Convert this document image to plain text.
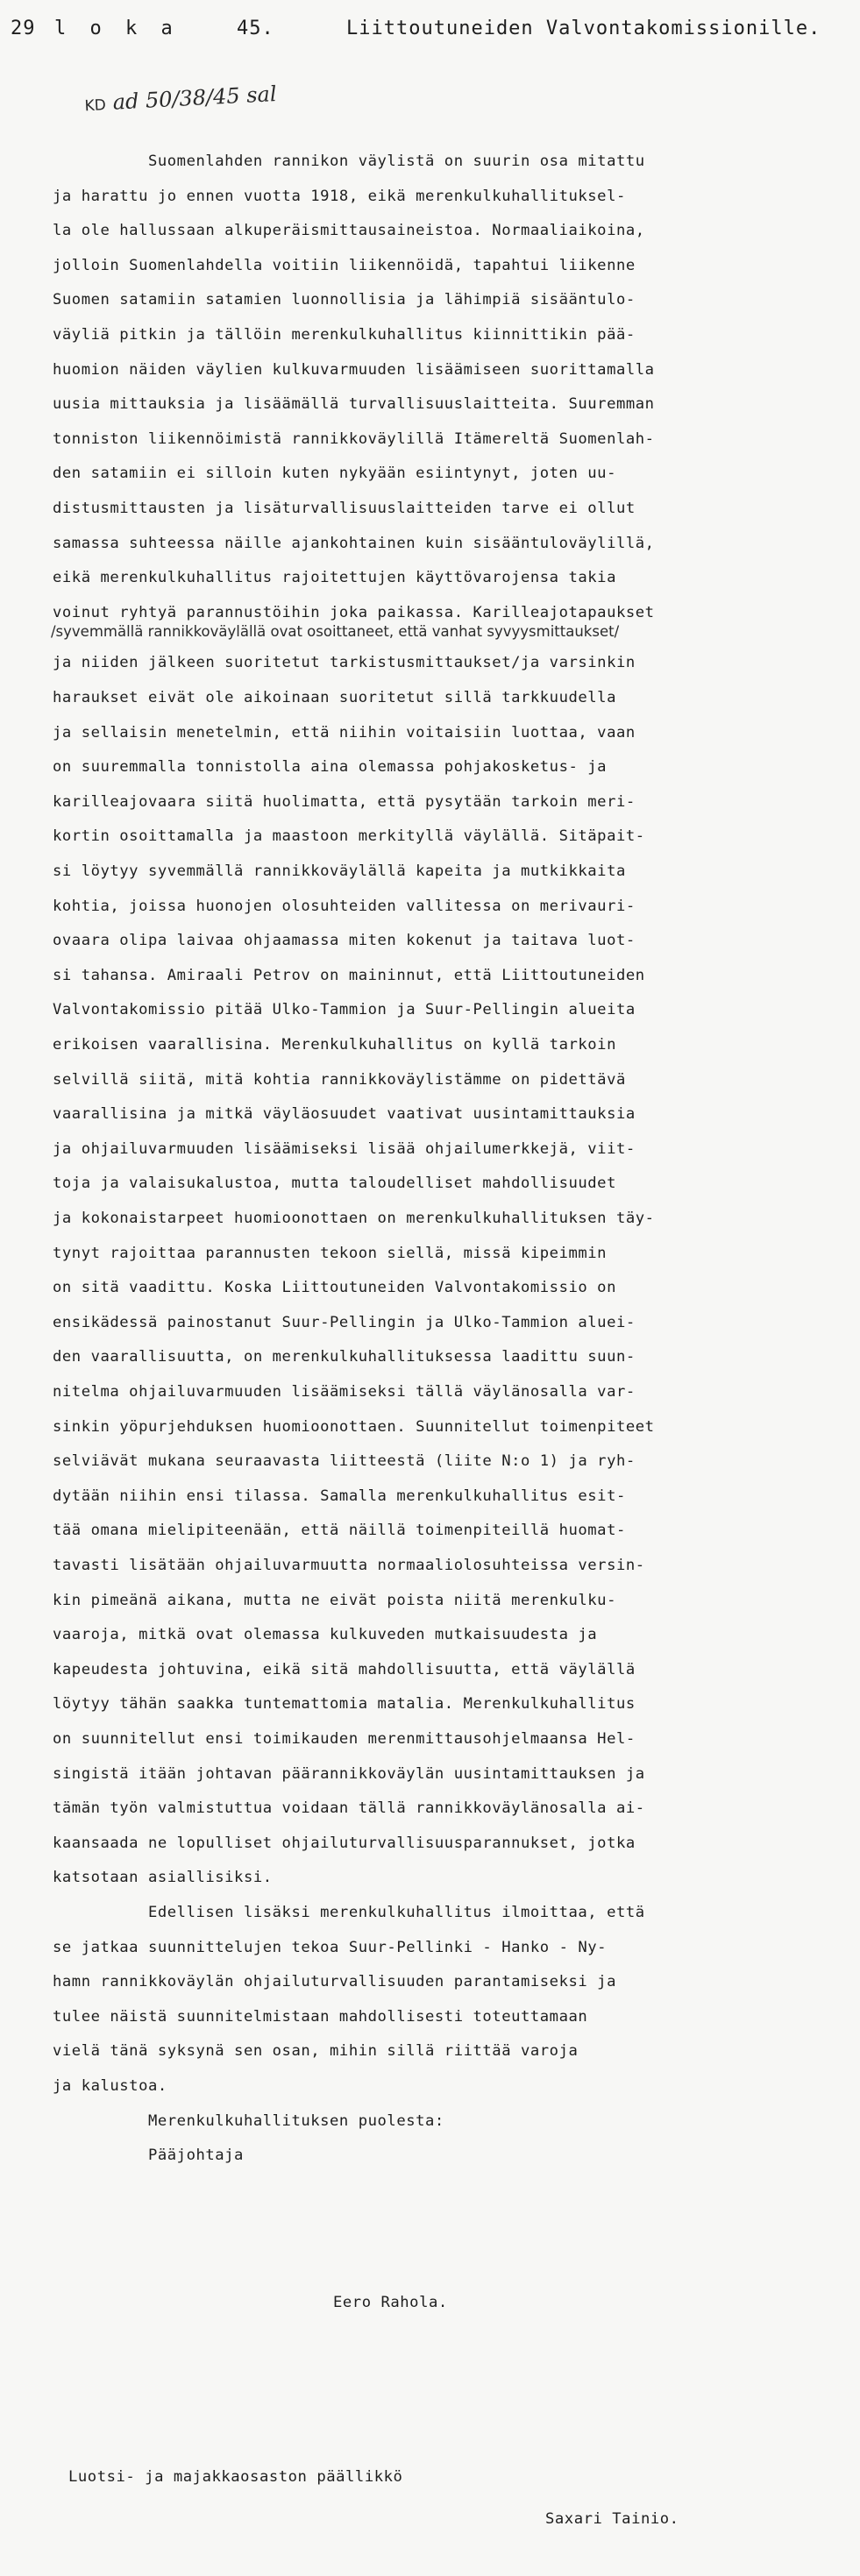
29 l o k a	45.	Liittoutuneiden Valvontakomissionille.

KD ad 50/38/45 sal

Suomenlahden rannikon väylistä on suurin osa mitattu
ja harattu jo ennen vuotta 1918, eikä merenkulkuhallituksel-
la ole hallussaan alkuperäismittausaineistoa. Normaaliaikoina,
jolloin Suomenlahdella voitiin liikennöidä, tapahtui liikenne
Suomen satamiin satamien luonnollisia ja lähimpiä sisääntulo-
väyliä pitkin ja tällöin merenkulkuhallitus kiinnittikin pää-
huomion näiden väylien kulkuvarmuuden lisäämiseen suorittamalla
uusia mittauksia ja lisäämällä turvallisuuslaitteita. Suuremman
tonniston liikennöimistä rannikkoväylillä Itämereltä Suomenlah-
den satamiin ei silloin kuten nykyään esiintynyt, joten uu-
distusmittausten ja lisäturvallisuuslaitteiden tarve ei ollut
samassa suhteessa näille ajankohtainen kuin sisääntuloväylillä,
eikä merenkulkuhallitus rajoitettujen käyttövarojensa takia
voinut ryhtyä parannustöihin joka paikassa. Karilleajotapaukset
/syvemmällä rannikkoväylällä ovat osoittaneet, että vanhat syvyysmittaukset/
ja niiden jälkeen suoritetut tarkistusmittaukset/ja varsinkin
haraukset eivät ole aikoinaan suoritetut sillä tarkkuudella
ja sellaisin menetelmin, että niihin voitaisiin luottaa, vaan
on suuremmalla tonnistolla aina olemassa pohjakosketus- ja
karilleajovaara siitä huolimatta, että pysytään tarkoin meri-
kortin osoittamalla ja maastoon merkityllä väylällä. Sitäpait-
si löytyy syvemmällä rannikkoväylällä kapeita ja mutkikkaita
kohtia, joissa huonojen olosuhteiden vallitessa on merivauri-
ovaara olipa laivaa ohjaamassa miten kokenut ja taitava luot-
si tahansa. Amiraali Petrov on maininnut, että Liittoutuneiden
Valvontakomissio pitää Ulko-Tammion ja Suur-Pellingin alueita
erikoisen vaarallisina. Merenkulkuhallitus on kyllä tarkoin
selvillä siitä, mitä kohtia rannikkoväylistämme on pidettävä
vaarallisina ja mitkä väyläosuudet vaativat uusintamittauksia
ja ohjailuvarmuuden lisäämiseksi lisää ohjailumerkkejä, viit-
toja ja valaisukalustoa, mutta taloudelliset mahdollisuudet
ja kokonaistarpeet huomioonottaen on merenkulkuhallituksen täy-
tynyt rajoittaa parannusten tekoon siellä, missä kipeimmin
on sitä vaadittu. Koska Liittoutuneiden Valvontakomissio on
ensikädessä painostanut Suur-Pellingin ja Ulko-Tammion aluei-
den vaarallisuutta, on merenkulkuhallituksessa laadittu suun-
nitelma ohjailuvarmuuden lisäämiseksi tällä väylänosalla var-
sinkin yöpurjehduksen huomioonottaen. Suunnitellut toimenpiteet
selviävät mukana seuraavasta liitteestä (liite N:o 1) ja ryh-
dytään niihin ensi tilassa. Samalla merenkulkuhallitus esit-
tää omana mielipiteenään, että näillä toimenpiteillä huomat-
tavasti lisätään ohjailuvarmuutta normaaliolosuhteissa versin-
kin pimeänä aikana, mutta ne eivät poista niitä merenkulku-
vaaroja, mitkä ovat olemassa kulkuveden mutkaisuudesta ja
kapeudesta johtuvina, eikä sitä mahdollisuutta, että väylällä
löytyy tähän saakka tuntemattomia matalia. Merenkulkuhallitus
on suunnitellut ensi toimikauden merenmittausohjelmaansa Hel-
singistä itään johtavan päärannikkoväylän uusintamittauksen ja
tämän työn valmistuttua voidaan tällä rannikkoväylänosalla ai-
kaansaada ne lopulliset ohjailuturvallisuusparannukset, jotka
katsotaan asiallisiksi.
Edellisen lisäksi merenkulkuhallitus ilmoittaa, että
se jatkaa suunnittelujen tekoa Suur-Pellinki - Hanko - Ny-
hamn rannikkoväylän ohjailuturvallisuuden parantamiseksi ja
tulee näistä suunnitelmistaan mahdollisesti toteuttamaan
vielä tänä syksynä sen osan, mihin sillä riittää varoja
ja kalustoa.
Merenkulkuhallituksen puolesta:
Pääjohtaja
Eero Rahola.
Luotsi- ja majakkaosaston päällikkö
Saxari Tainio.
